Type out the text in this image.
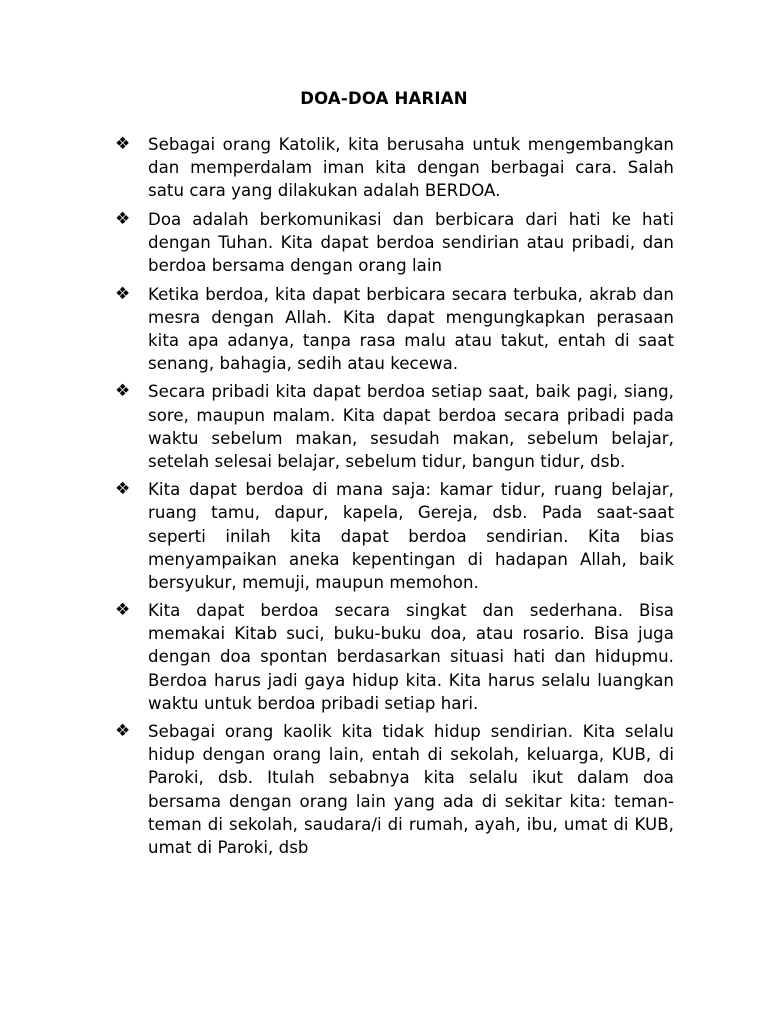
DOA-DOA HARIAN
❖	Sebagai orang Katolik, kita berusaha untuk mengembangkan dan memperdalam iman kita dengan berbagai cara. Salah satu cara yang dilakukan adalah BERDOA.
❖	Doa adalah berkomunikasi dan berbicara dari hati ke hati dengan Tuhan. Kita dapat berdoa sendirian atau pribadi, dan berdoa bersama dengan orang lain
❖	Ketika berdoa, kita dapat berbicara secara terbuka, akrab dan mesra dengan Allah. Kita dapat mengungkapkan perasaan kita apa adanya, tanpa rasa malu atau takut, entah di saat senang, bahagia, sedih atau kecewa.
❖	Secara pribadi kita dapat berdoa setiap saat, baik pagi, siang, sore, maupun malam. Kita dapat berdoa secara pribadi pada waktu sebelum makan, sesudah makan, sebelum belajar, setelah selesai belajar, sebelum tidur, bangun tidur, dsb.
❖	Kita dapat berdoa di mana saja: kamar tidur, ruang belajar, ruang tamu, dapur, kapela, Gereja, dsb. Pada saat-saat seperti inilah kita dapat berdoa sendirian. Kita bias menyampaikan aneka kepentingan di hadapan Allah, baik bersyukur, memuji, maupun memohon.
❖	Kita dapat berdoa secara singkat dan sederhana. Bisa memakai Kitab suci, buku-buku doa, atau rosario. Bisa juga dengan doa spontan berdasarkan situasi hati dan hidupmu. Berdoa harus jadi gaya hidup kita. Kita harus selalu luangkan waktu untuk berdoa pribadi setiap hari.
❖	Sebagai orang kaolik kita tidak hidup sendirian. Kita selalu hidup dengan orang lain, entah di sekolah, keluarga, KUB, di Paroki, dsb. Itulah sebabnya kita selalu ikut dalam doa bersama dengan orang lain yang ada di sekitar kita: teman-teman di sekolah, saudara/i di rumah, ayah, ibu, umat di KUB, umat di Paroki, dsb
